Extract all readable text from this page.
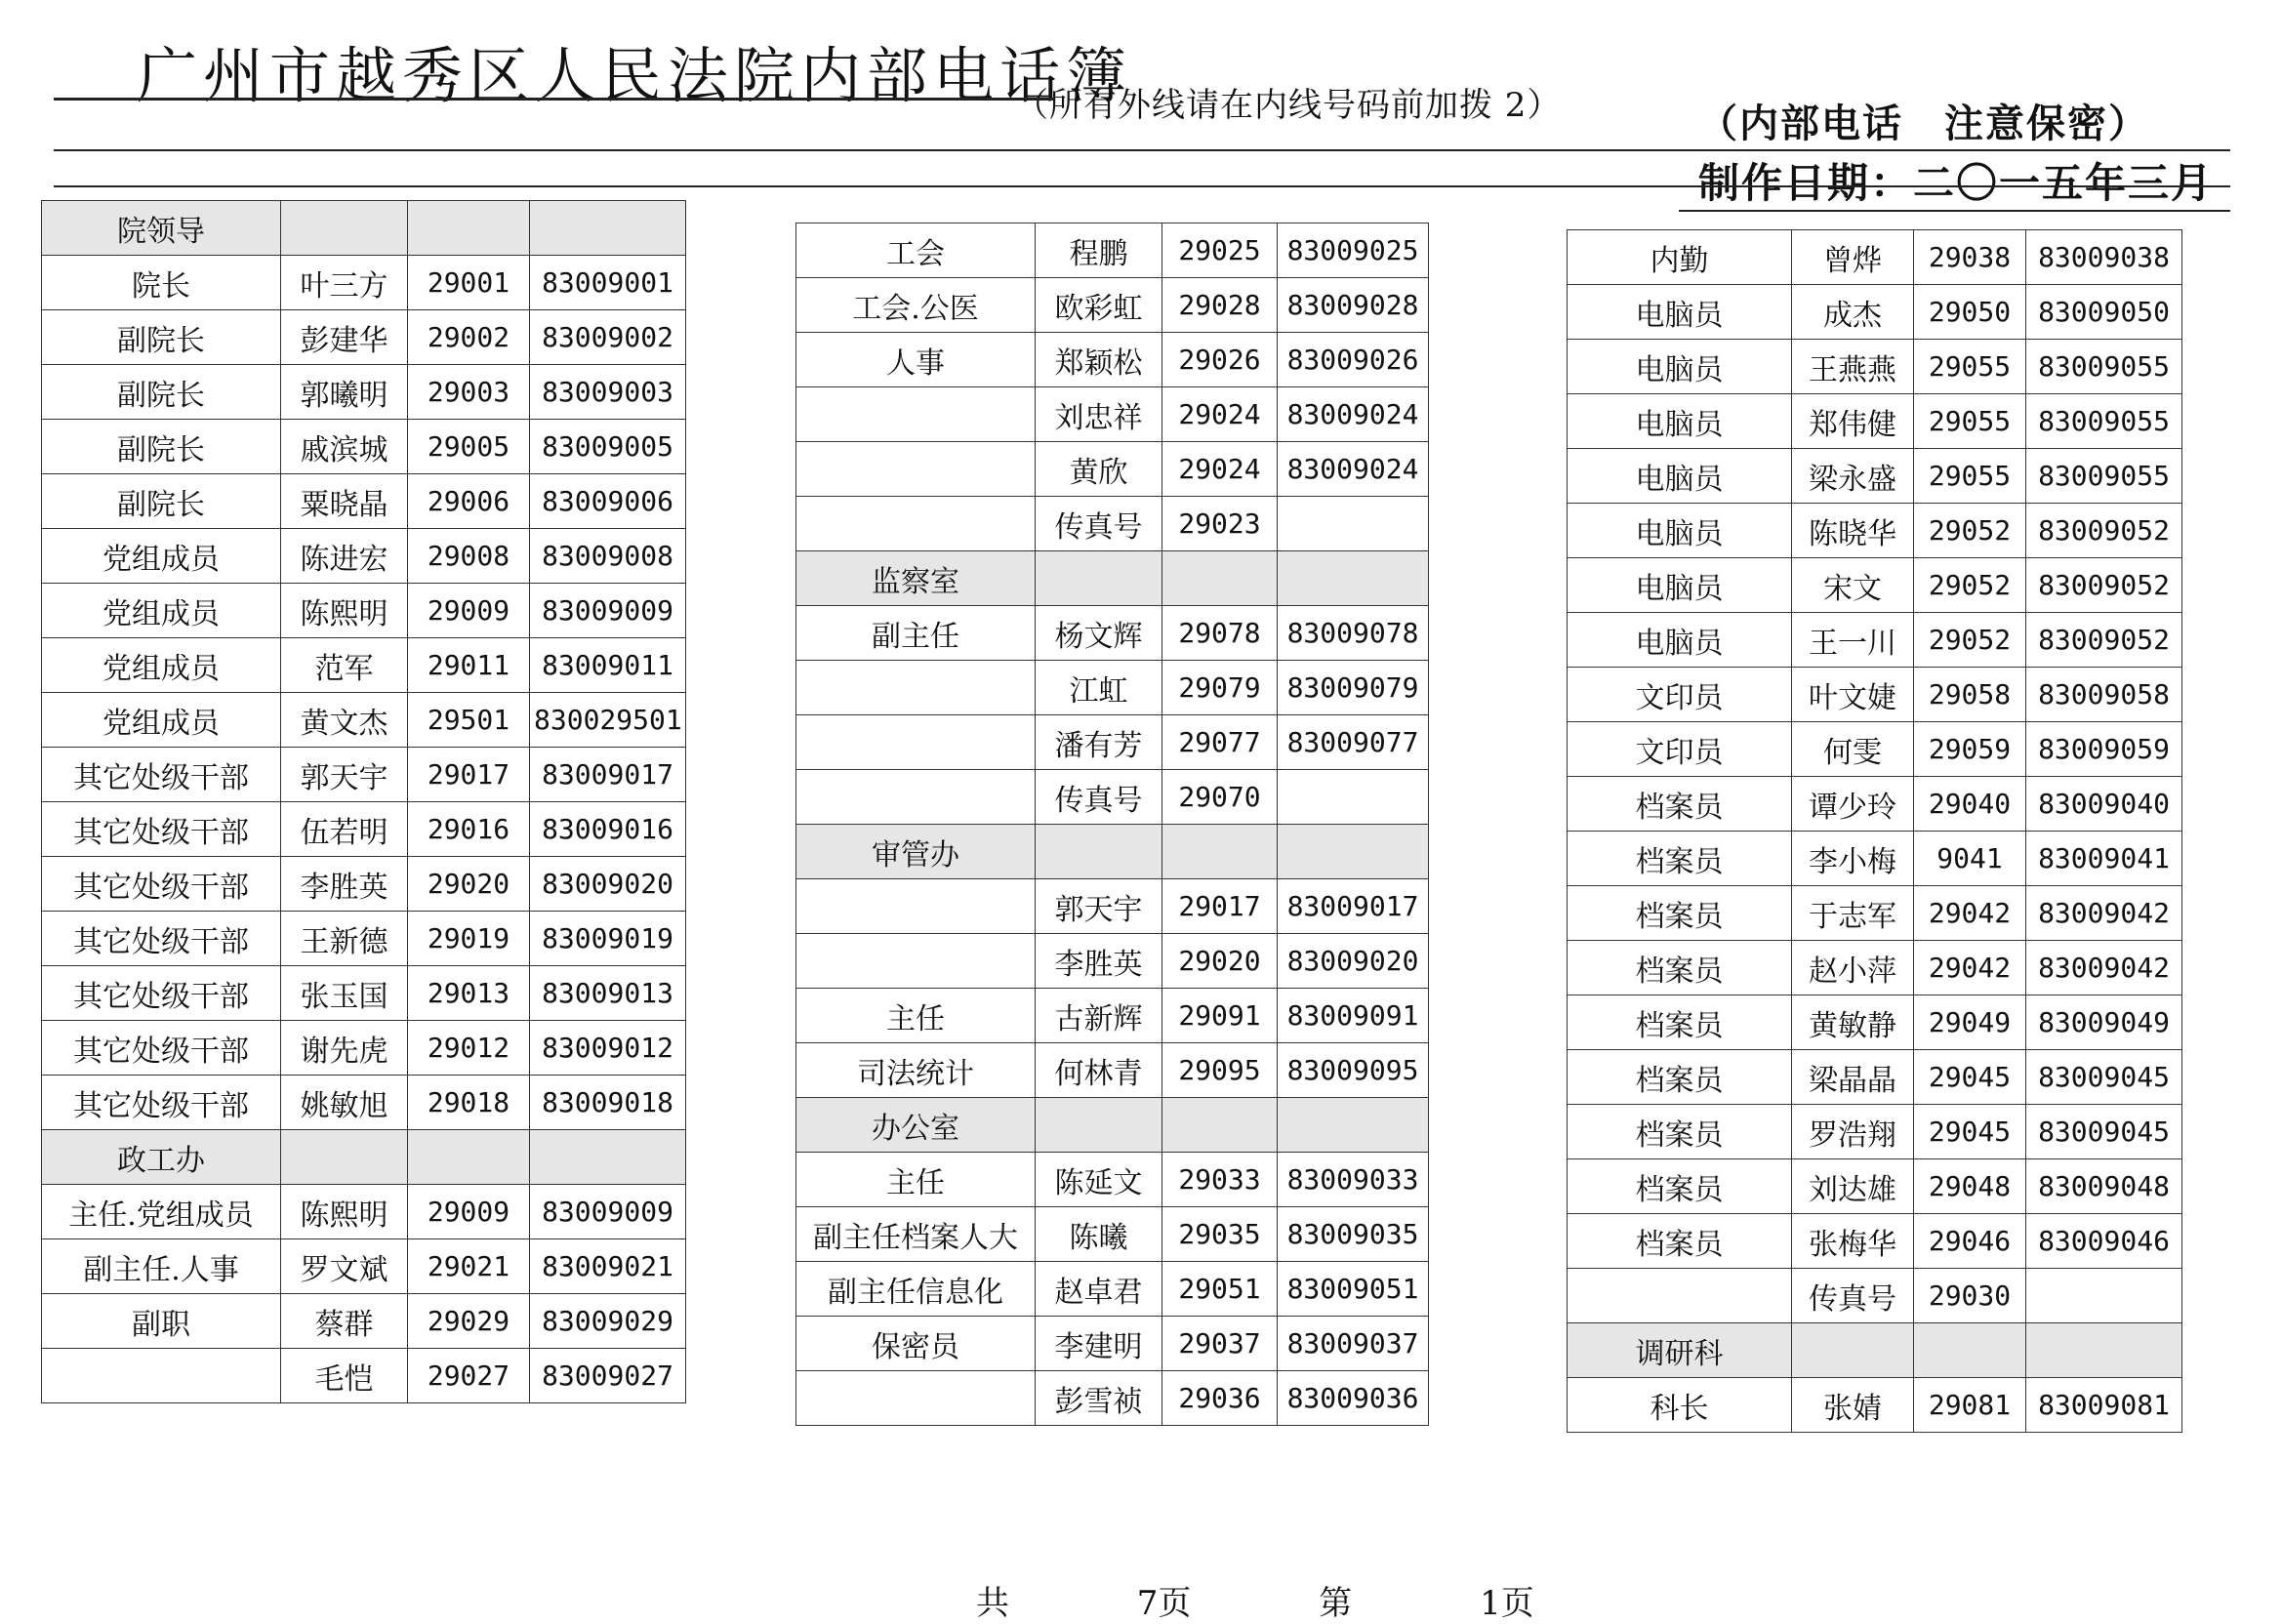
广州市越秀区人民法院内部电话簿
（所有外线请在内线号码前加拨 2）	（内部电话　注意保密）
制作日期：二〇一五年三月
院领导			
院长	叶三方	29001	83009001
副院长	彭建华	29002	83009002
副院长	郭曦明	29003	83009003
副院长	戚滨城	29005	83009005
副院长	粟晓晶	29006	83009006
党组成员	陈进宏	29008	83009008
党组成员	陈熙明	29009	83009009
党组成员	范军	29011	83009011
党组成员	黄文杰	29501	830029501
其它处级干部	郭天宇	29017	83009017
其它处级干部	伍若明	29016	83009016
其它处级干部	李胜英	29020	83009020
其它处级干部	王新德	29019	83009019
其它处级干部	张玉国	29013	83009013
其它处级干部	谢先虎	29012	83009012
其它处级干部	姚敏旭	29018	83009018
政工办			
主任.党组成员	陈熙明	29009	83009009
副主任.人事	罗文斌	29021	83009021
副职	蔡群	29029	83009029
	毛恺	29027	83009027
工会	程鹏	29025	83009025
工会.公医	欧彩虹	29028	83009028
人事	郑颖松	29026	83009026
	刘忠祥	29024	83009024
	黄欣	29024	83009024
	传真号	29023	
监察室			
副主任	杨文辉	29078	83009078
	江虹	29079	83009079
	潘有芳	29077	83009077
	传真号	29070	
审管办			
	郭天宇	29017	83009017
	李胜英	29020	83009020
主任	古新辉	29091	83009091
司法统计	何林青	29095	83009095
办公室			
主任	陈延文	29033	83009033
副主任档案人大	陈曦	29035	83009035
副主任信息化	赵卓君	29051	83009051
保密员	李建明	29037	83009037
	彭雪祯	29036	83009036
内勤	曾烨	29038	83009038
电脑员	成杰	29050	83009050
电脑员	王燕燕	29055	83009055
电脑员	郑伟健	29055	83009055
电脑员	梁永盛	29055	83009055
电脑员	陈晓华	29052	83009052
电脑员	宋文	29052	83009052
电脑员	王一川	29052	83009052
文印员	叶文婕	29058	83009058
文印员	何雯	29059	83009059
档案员	谭少玲	29040	83009040
档案员	李小梅	9041	83009041
档案员	于志军	29042	83009042
档案员	赵小萍	29042	83009042
档案员	黄敏静	29049	83009049
档案员	梁晶晶	29045	83009045
档案员	罗浩翔	29045	83009045
档案员	刘达雄	29048	83009048
档案员	张梅华	29046	83009046
	传真号	29030	
调研科			
科长	张婧	29081	83009081
共 7页	第 1页
